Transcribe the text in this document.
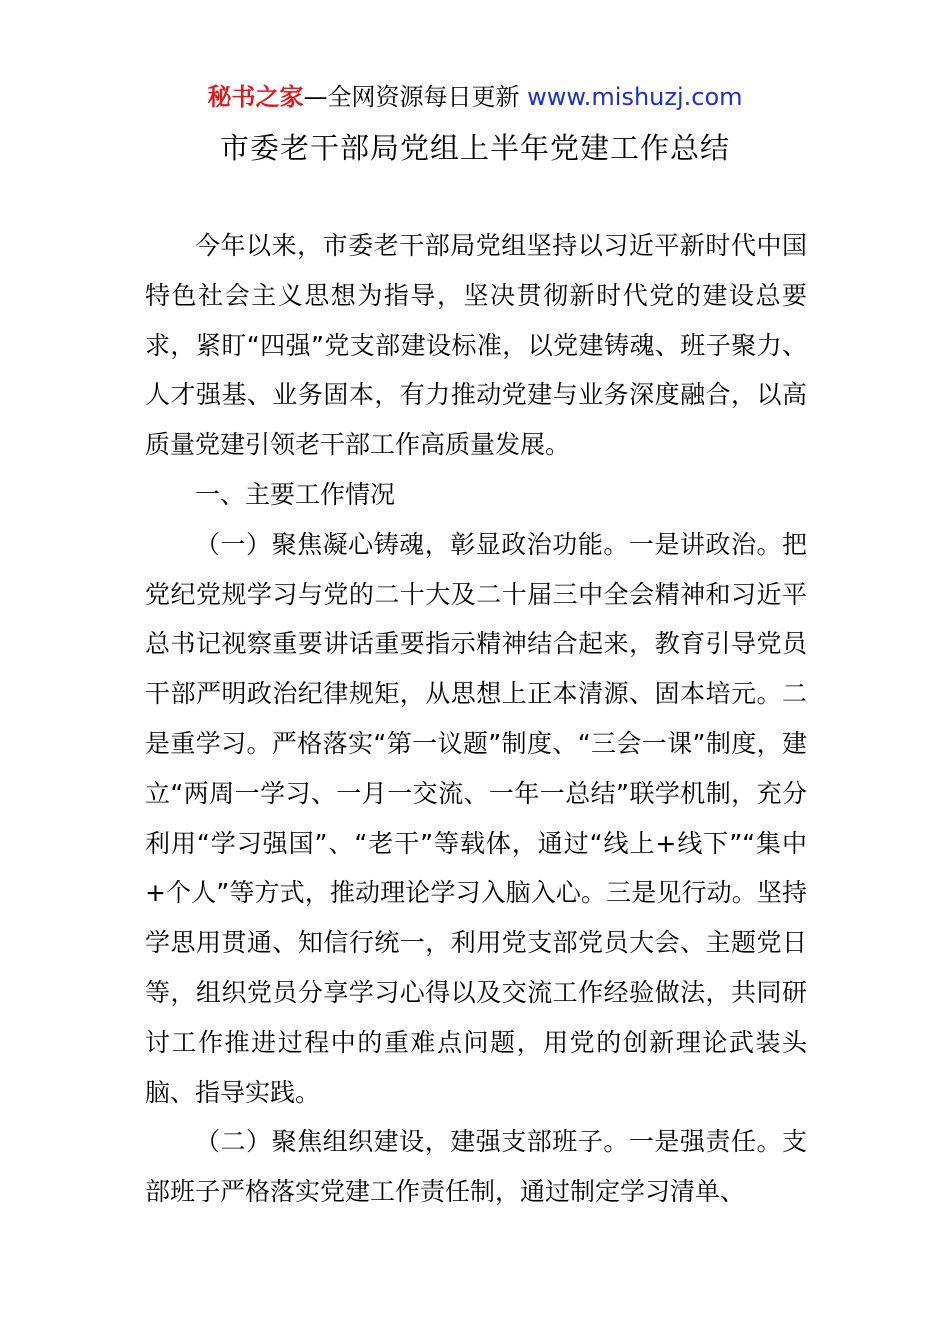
秘书之家—全网资源每日更新 www.mishuzj.com
市委老干部局党组上半年党建工作总结

今年以来，市委老干部局党组坚持以习近平新时代中国特色社会主义思想为指导，坚决贯彻新时代党的建设总要求，紧盯“四强”党支部建设标准，以党建铸魂、班子聚力、人才强基、业务固本，有力推动党建与业务深度融合，以高质量党建引领老干部工作高质量发展。

一、主要工作情况

（一）聚焦凝心铸魂，彰显政治功能。一是讲政治。把党纪党规学习与党的二十大及二十届三中全会精神和习近平总书记视察重要讲话重要指示精神结合起来，教育引导党员干部严明政治纪律规矩，从思想上正本清源、固本培元。二是重学习。严格落实“第一议题”制度、“三会一课”制度，建立“两周一学习、一月一交流、一年一总结”联学机制，充分利用“学习强国”、“老干”等载体，通过“线上+线下”“集中+个人”等方式，推动理论学习入脑入心。三是见行动。坚持学思用贯通、知信行统一，利用党支部党员大会、主题党日等，组织党员分享学习心得以及交流工作经验做法，共同研讨工作推进过程中的重难点问题，用党的创新理论武装头脑、指导实践。

（二）聚焦组织建设，建强支部班子。一是强责任。支部班子严格落实党建工作责任制，通过制定学习清单、
